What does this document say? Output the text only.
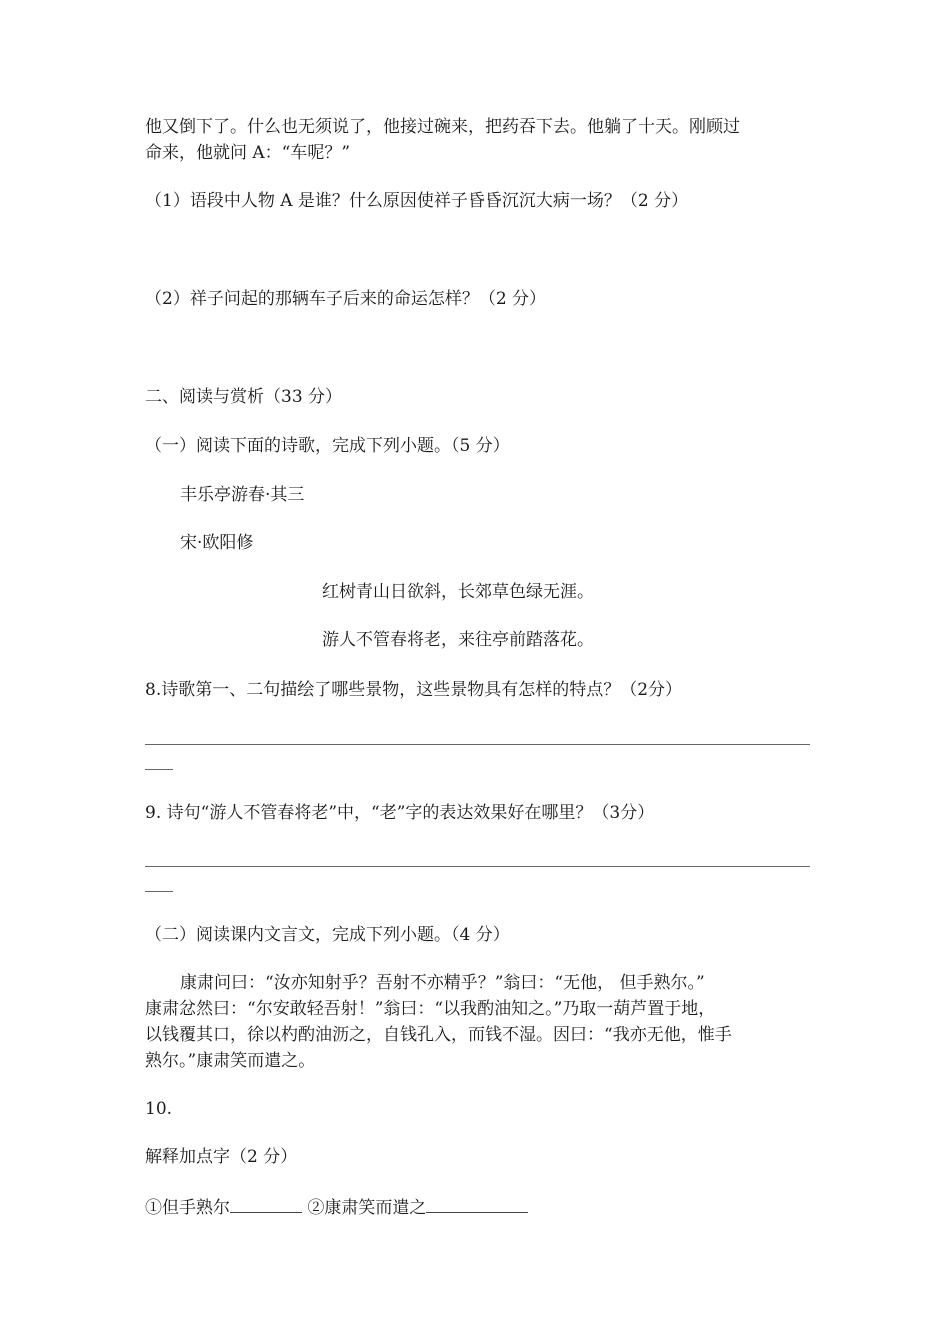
他又倒下了。什么也无须说了，他接过碗来，把药吞下去。他躺了十天。刚顾过
命来，他就问 A：“车呢？”
（1）语段中人物 A 是谁？什么原因使祥子昏昏沉沉大病一场？（2 分）
（2）祥子问起的那辆车子后来的命运怎样？（2 分）
二、阅读与赏析（33 分）
（一）阅读下面的诗歌，完成下列小题。（5 分）
丰乐亭游春·其三
宋·欧阳修
红树青山日欲斜，长郊草色绿无涯。
游人不管春将老，来往亭前踏落花。
8.诗歌第一、二句描绘了哪些景物，这些景物具有怎样的特点？（2分）
9. 诗句“游人不管春将老”中，“老”字的表达效果好在哪里？（3分）
（二）阅读课内文言文，完成下列小题。（4 分）
康肃问曰：“汝亦知射乎？吾射不亦精乎？”翁曰：“无他， 但手熟尔。”
康肃忿然曰：“尔安敢轻吾射！”翁曰：“以我酌油知之。”乃取一葫芦置于地，
以钱覆其口，徐以杓酌油沥之，自钱孔入，而钱不湿。因曰：“我亦无他，惟手
熟尔。”康肃笑而遣之。
10.
解释加点字（2 分）
①但手熟尔	②康肃笑而遣之
